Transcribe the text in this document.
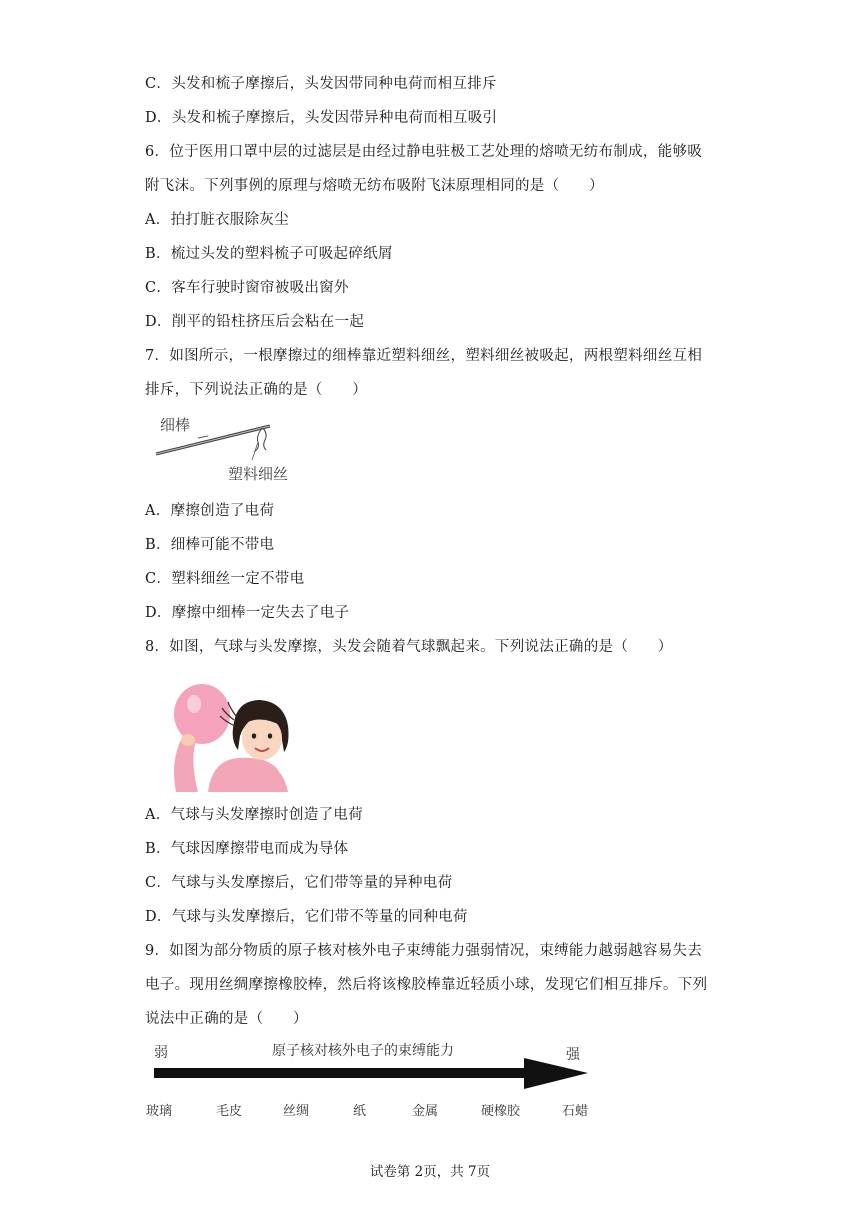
C．头发和梳子摩擦后，头发因带同种电荷而相互排斥
D．头发和梳子摩擦后，头发因带异种电荷而相互吸引
6．位于医用口罩中层的过滤层是由经过静电驻极工艺处理的熔喷无纺布制成，能够吸
附飞沫。下列事例的原理与熔喷无纺布吸附飞沫原理相同的是（　　）
A．拍打脏衣服除灰尘
B．梳过头发的塑料梳子可吸起碎纸屑
C．客车行驶时窗帘被吸出窗外
D．削平的铅柱挤压后会粘在一起
7．如图所示，一根摩擦过的细棒靠近塑料细丝，塑料细丝被吸起，两根塑料细丝互相
排斥，下列说法正确的是（　　）
细棒
塑料细丝
A．摩擦创造了电荷
B．细棒可能不带电
C．塑料细丝一定不带电
D．摩擦中细棒一定失去了电子
8．如图，气球与头发摩擦，头发会随着气球飘起来。下列说法正确的是（　　）
A．气球与头发摩擦时创造了电荷
B．气球因摩擦带电而成为导体
C．气球与头发摩擦后，它们带等量的异种电荷
D．气球与头发摩擦后，它们带不等量的同种电荷
9．如图为部分物质的原子核对核外电子束缚能力强弱情况，束缚能力越弱越容易失去
电子。现用丝绸摩擦橡胶棒，然后将该橡胶棒靠近轻质小球，发现它们相互排斥。下列
说法中正确的是（　　）
弱	原子核对核外电子的束缚能力	强
玻璃	毛皮	丝绸	纸	金属	硬橡胶	石蜡
试卷第 2页，共 7页
